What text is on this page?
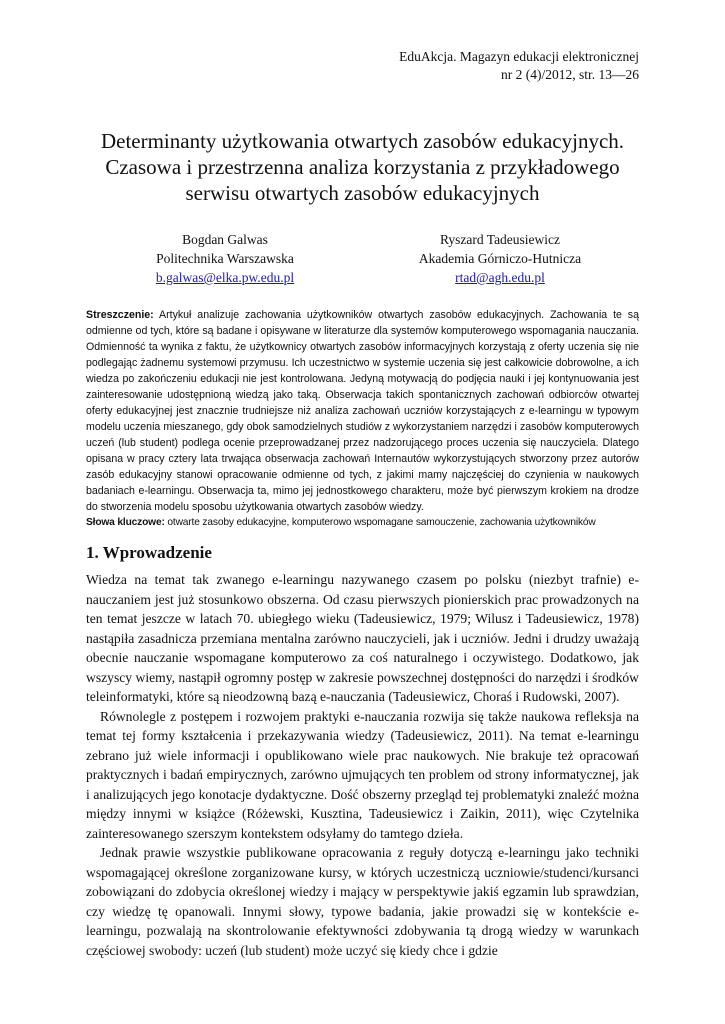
EduAkcja. Magazyn edukacji elektronicznej
nr 2 (4)/2012, str. 13—26
Determinanty użytkowania otwartych zasobów edukacyjnych.
Czasowa i przestrzenna analiza korzystania z przykładowego
serwisu otwartych zasobów edukacyjnych
Bogdan Galwas
Politechnika Warszawska
b.galwas@elka.pw.edu.pl
Ryszard Tadeusiewicz
Akademia Górniczo-Hutnicza
rtad@agh.edu.pl
Streszczenie: Artykuł analizuje zachowania użytkowników otwartych zasobów edukacyjnych. Zachowania te są odmienne od tych, które są badane i opisywane w literaturze dla systemów komputerowego wspomagania nauczania. Odmienność ta wynika z faktu, że użytkownicy otwartych zasobów informacyjnych korzystają z oferty uczenia się nie podlegając żadnemu systemowi przymusu. Ich uczestnictwo w systemie uczenia się jest całkowicie dobrowolne, a ich wiedza po zakończeniu edukacji nie jest kontrolowana. Jedyną motywacją do podjęcia nauki i jej kontynuowania jest zainteresowanie udostępnioną wiedzą jako taką. Obserwacja takich spontanicznych zachowań odbiorców otwartej oferty edukacyjnej jest znacznie trudniejsze niż analiza zachowań uczniów korzystających z e-learningu w typowym modelu uczenia mieszanego, gdy obok samodzielnych studiów z wykorzystaniem narzędzi i zasobów komputerowych uczeń (lub student) podlega ocenie przeprowadzanej przez nadzorującego proces uczenia się nauczyciela. Dlatego opisana w pracy cztery lata trwająca obserwacja zachowań Internautów wykorzystujących stworzony przez autorów zasób edukacyjny stanowi opracowanie odmienne od tych, z jakimi mamy najczęściej do czynienia w naukowych badaniach e-learningu. Obserwacja ta, mimo jej jednostkowego charakteru, może być pierwszym krokiem na drodze do stworzenia modelu sposobu użytkowania otwartych zasobów wiedzy.
Słowa kluczowe: otwarte zasoby edukacyjne, komputerowo wspomagane samouczenie, zachowania użytkowników
1. Wprowadzenie

Wiedza na temat tak zwanego e-learningu nazywanego czasem po polsku (niezbyt trafnie) e-nauczaniem jest już stosunkowo obszerna. Od czasu pierwszych pionierskich prac prowadzonych na ten temat jeszcze w latach 70. ubiegłego wieku (Tadeusiewicz, 1979; Wilusz i Tadeusiewicz, 1978) nastąpiła zasadnicza przemiana mentalna zarówno nauczycieli, jak i uczniów. Jedni i drudzy uważają obecnie nauczanie wspomagane komputerowo za coś naturalnego i oczywistego. Dodatkowo, jak wszyscy wiemy, nastąpił ogromny postęp w zakresie powszechnej dostępności do narzędzi i środków teleinformatyki, które są nieodzowną bazą e-nauczania (Tadeusiewicz, Choraś i Rudowski, 2007).

Równolegle z postępem i rozwojem praktyki e-nauczania rozwija się także naukowa refleksja na temat tej formy kształcenia i przekazywania wiedzy (Tadeusiewicz, 2011). Na temat e-learningu zebrano już wiele informacji i opublikowano wiele prac naukowych. Nie brakuje też opracowań praktycznych i badań empirycznych, zarówno ujmujących ten problem od strony informatycznej, jak i analizujących jego konotacje dydaktyczne. Dość obszerny przegląd tej problematyki znaleźć można między innymi w książce (Różewski, Kusztina, Tadeusiewicz i Zaikin, 2011), więc Czytelnika zainteresowanego szerszym kontekstem odsyłamy do tamtego dzieła.

Jednak prawie wszystkie publikowane opracowania z reguły dotyczą e-learningu jako techniki wspomagającej określone zorganizowane kursy, w których uczestniczą uczniowie/studenci/kursanci zobowiązani do zdobycia określonej wiedzy i mający w perspektywie jakiś egzamin lub sprawdzian, czy wiedzę tę opanowali. Innymi słowy, typowe badania, jakie prowadzi się w kontekście e-learningu, pozwalają na skontrolowanie efektywności zdobywania tą drogą wiedzy w warunkach częściowej swobody: uczeń (lub student) może uczyć się kiedy chce i gdzie
